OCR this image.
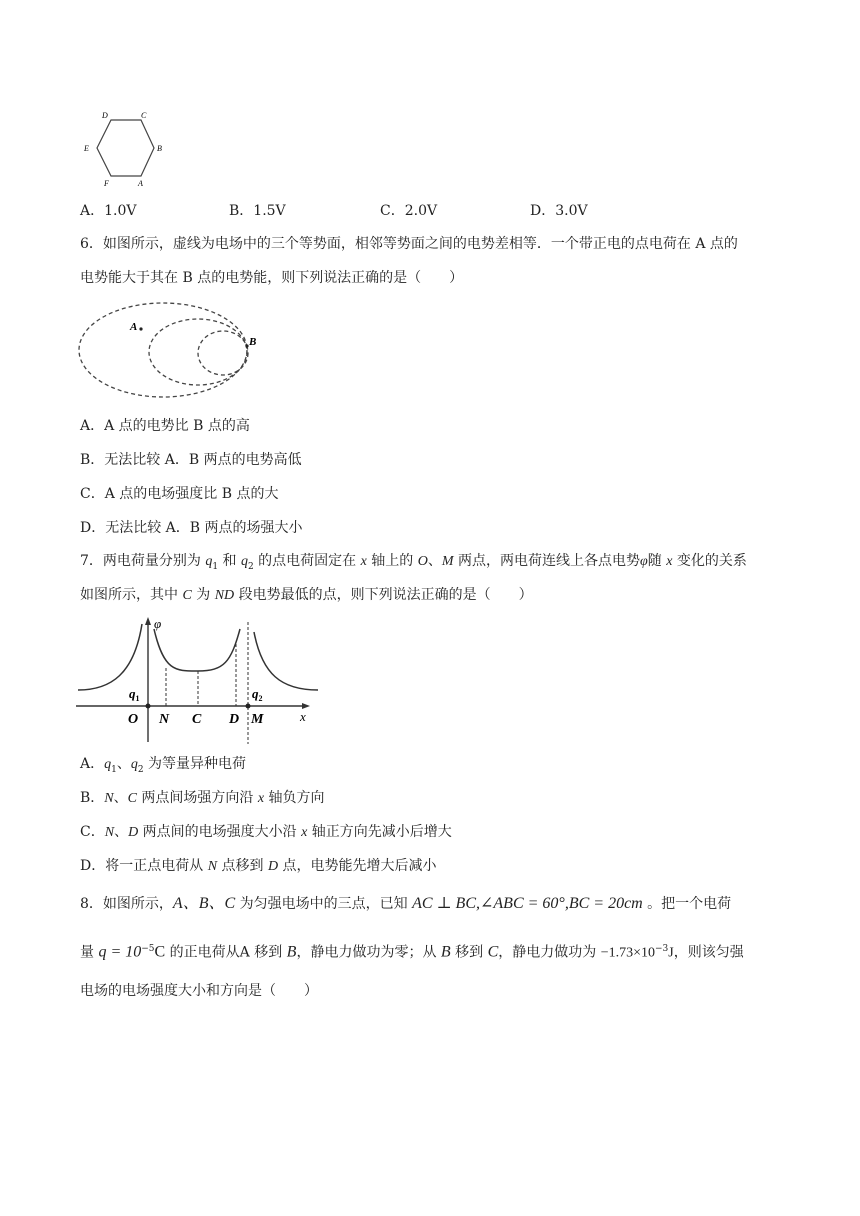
D	C
E	B
F	A
A．1.0V	B．1.5V	C．2.0V	D．3.0V
6．如图所示，虚线为电场中的三个等势面，相邻等势面之间的电势差相等．一个带正电的点电荷在 A 点的
电势能大于其在 B 点的电势能，则下列说法正确的是（　　）
A
B
A．A 点的电势比 B 点的高
B．无法比较 A．B 两点的电势高低
C．A 点的电场强度比 B 点的大
D．无法比较 A．B 两点的场强大小
7．两电荷量分别为 $q_1$ 和 $q_2$ 的点电荷固定在 x 轴上的 O、M 两点，两电荷连线上各点电势φ随 x 变化的关系
如图所示，其中 C 为 ND 段电势最低的点，则下列说法正确的是（　　）
φ
x
$q_1$	$q_2$
O N C D M
A．$q_1$、$q_2$ 为等量异种电荷
B．N、C 两点间场强方向沿 x 轴负方向
C．N、D 两点间的电场强度大小沿 x 轴正方向先减小后增大
D．将一正点电荷从 N 点移到 D 点，电势能先增大后减小
8．如图所示，A、B、C 为匀强电场中的三点，已知 AC ⊥ BC,∠ABC = 60°,BC = 20cm 。把一个电荷
量 $q = 10^{-5}C$ 的正电荷从A 移到 B，静电力做功为零；从 B 移到 C，静电力做功为 $-1.73\times 10^{-3}J$，则该匀强
电场的电场强度大小和方向是（　　）
